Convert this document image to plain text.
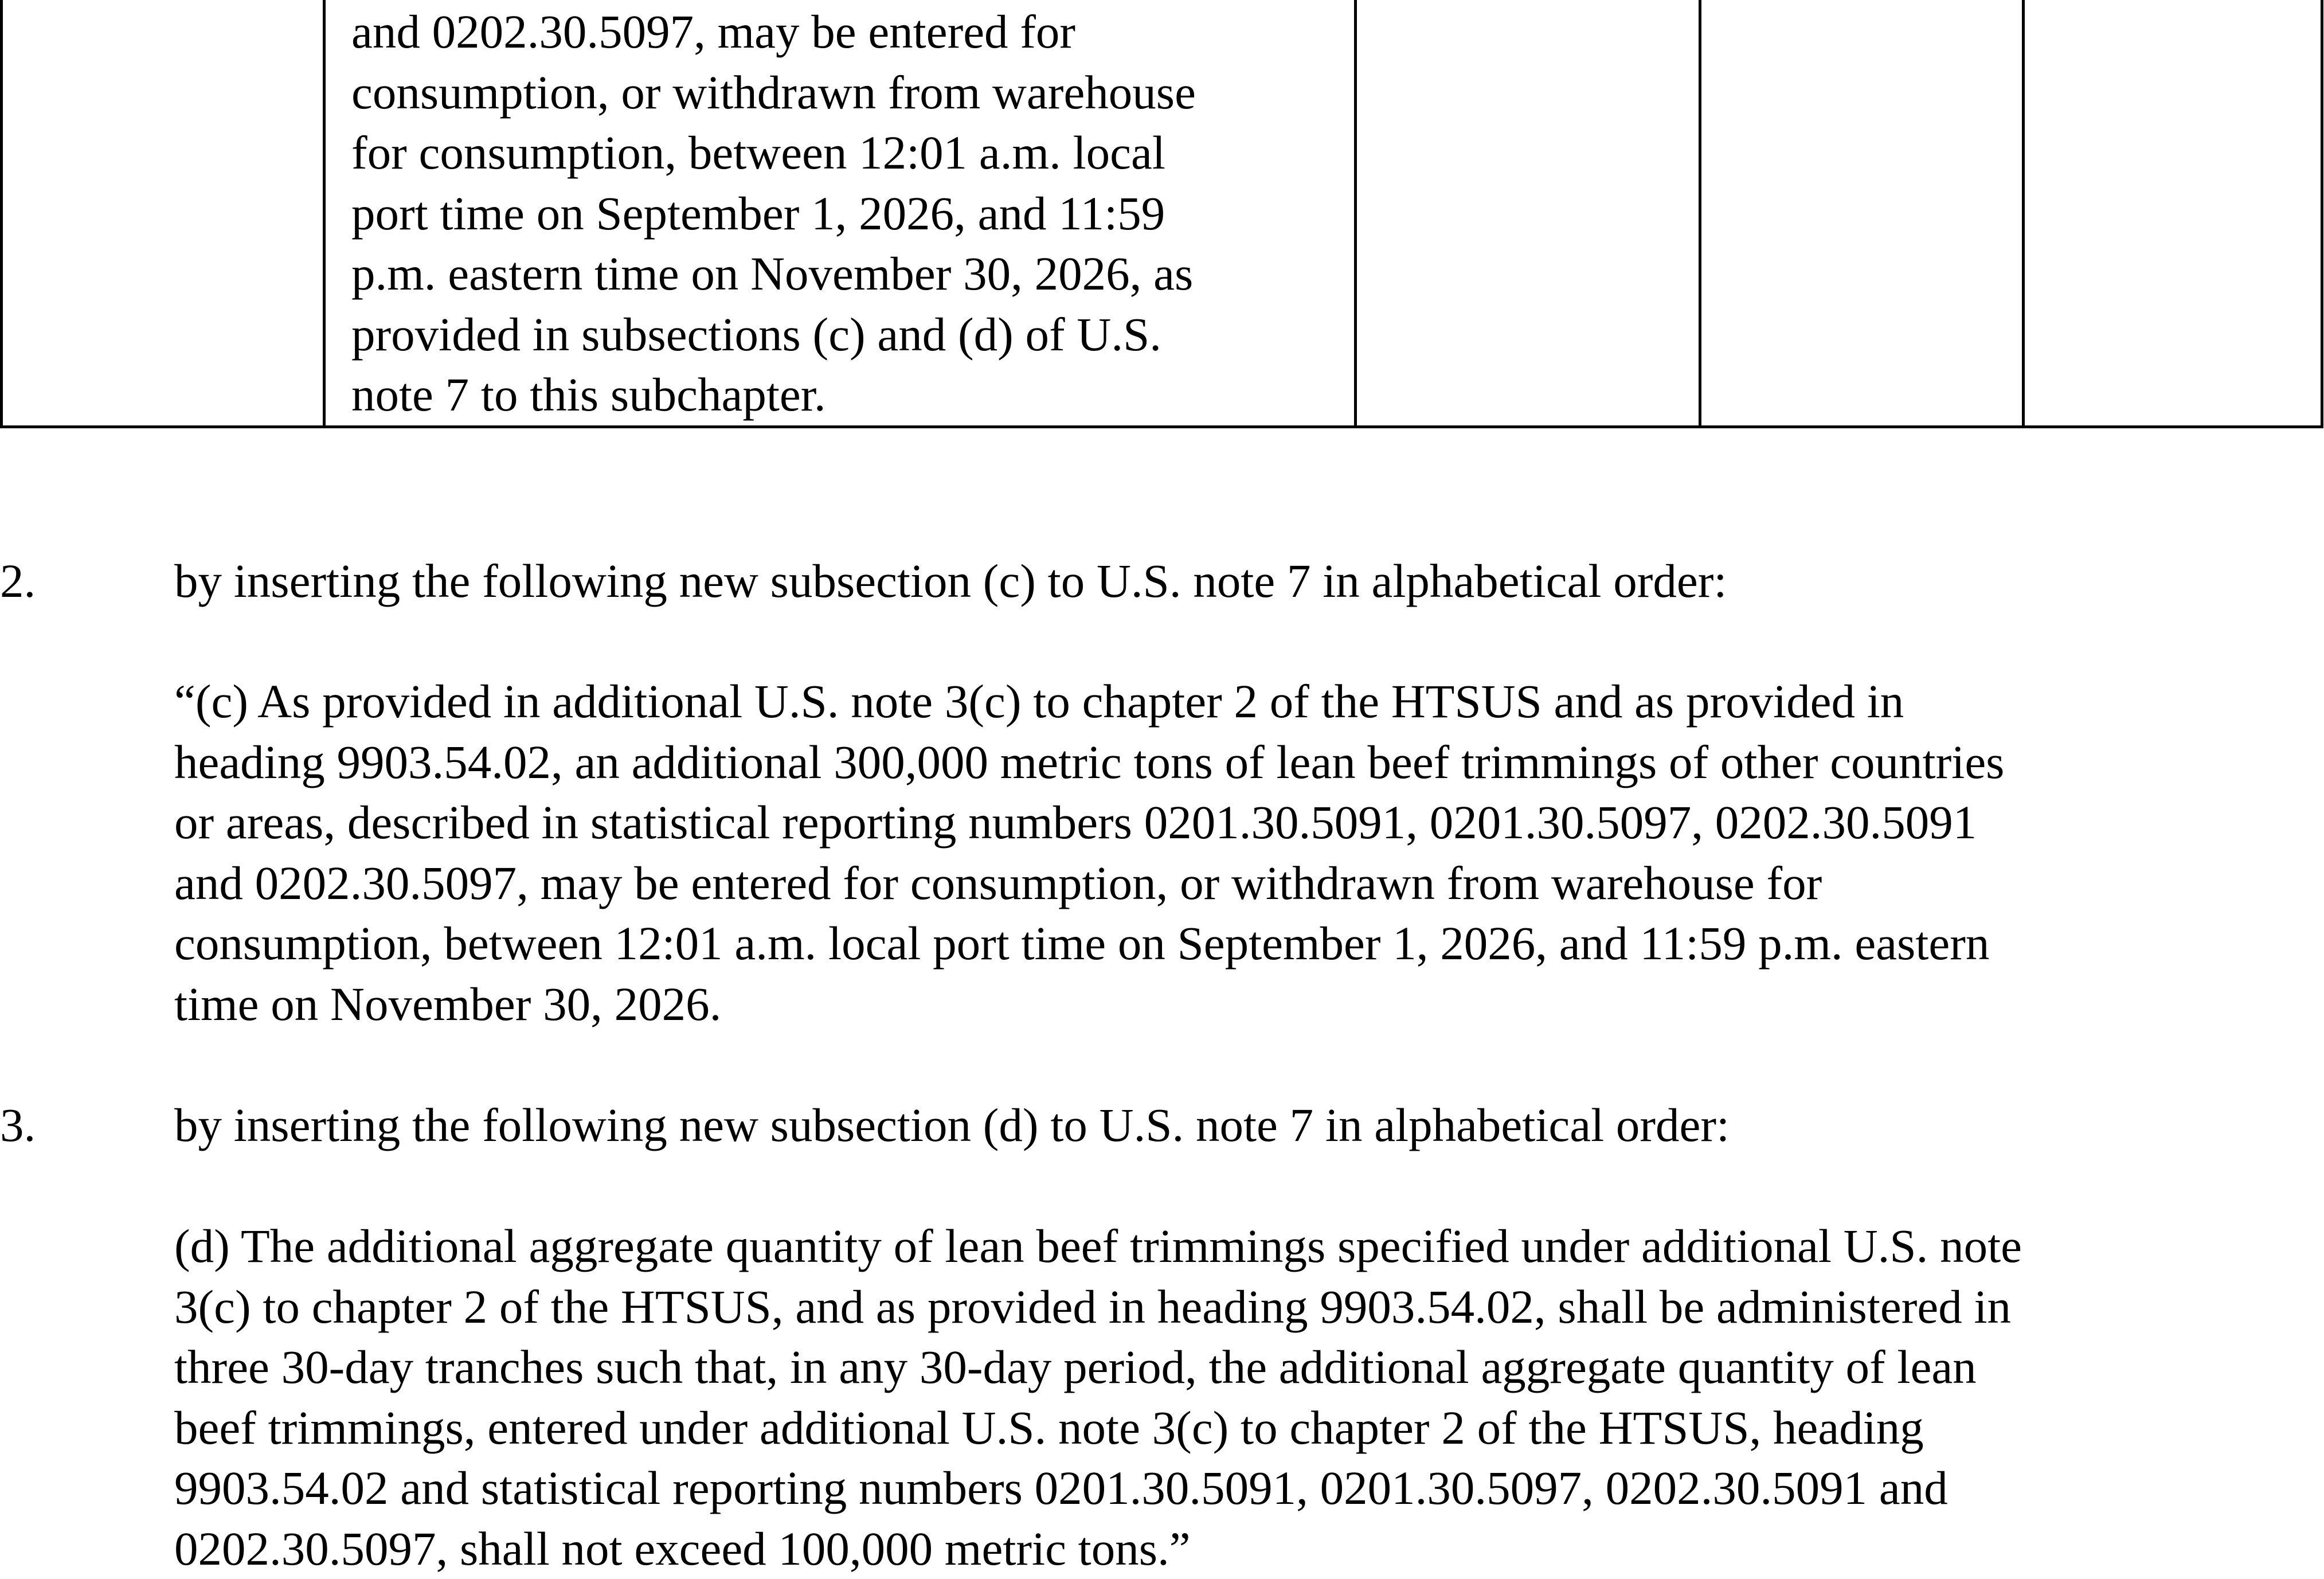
and 0202.30.5097, may be entered for
consumption, or withdrawn from warehouse
for consumption, between 12:01 a.m. local
port time on September 1, 2026, and 11:59
p.m. eastern time on November 30, 2026, as
provided in subsections (c) and (d) of U.S.
note 7 to this subchapter.

2.	by inserting the following new subsection (c) to U.S. note 7 in alphabetical order:

“(c) As provided in additional U.S. note 3(c) to chapter 2 of the HTSUS and as provided in
heading 9903.54.02, an additional 300,000 metric tons of lean beef trimmings of other countries
or areas, described in statistical reporting numbers 0201.30.5091, 0201.30.5097, 0202.30.5091
and 0202.30.5097, may be entered for consumption, or withdrawn from warehouse for
consumption, between 12:01 a.m. local port time on September 1, 2026, and 11:59 p.m. eastern
time on November 30, 2026.

3.	by inserting the following new subsection (d) to U.S. note 7 in alphabetical order:

(d) The additional aggregate quantity of lean beef trimmings specified under additional U.S. note
3(c) to chapter 2 of the HTSUS, and as provided in heading 9903.54.02, shall be administered in
three 30-day tranches such that, in any 30-day period, the additional aggregate quantity of lean
beef trimmings, entered under additional U.S. note 3(c) to chapter 2 of the HTSUS, heading
9903.54.02 and statistical reporting numbers 0201.30.5091, 0201.30.5097, 0202.30.5091 and
0202.30.5097, shall not exceed 100,000 metric tons.”
